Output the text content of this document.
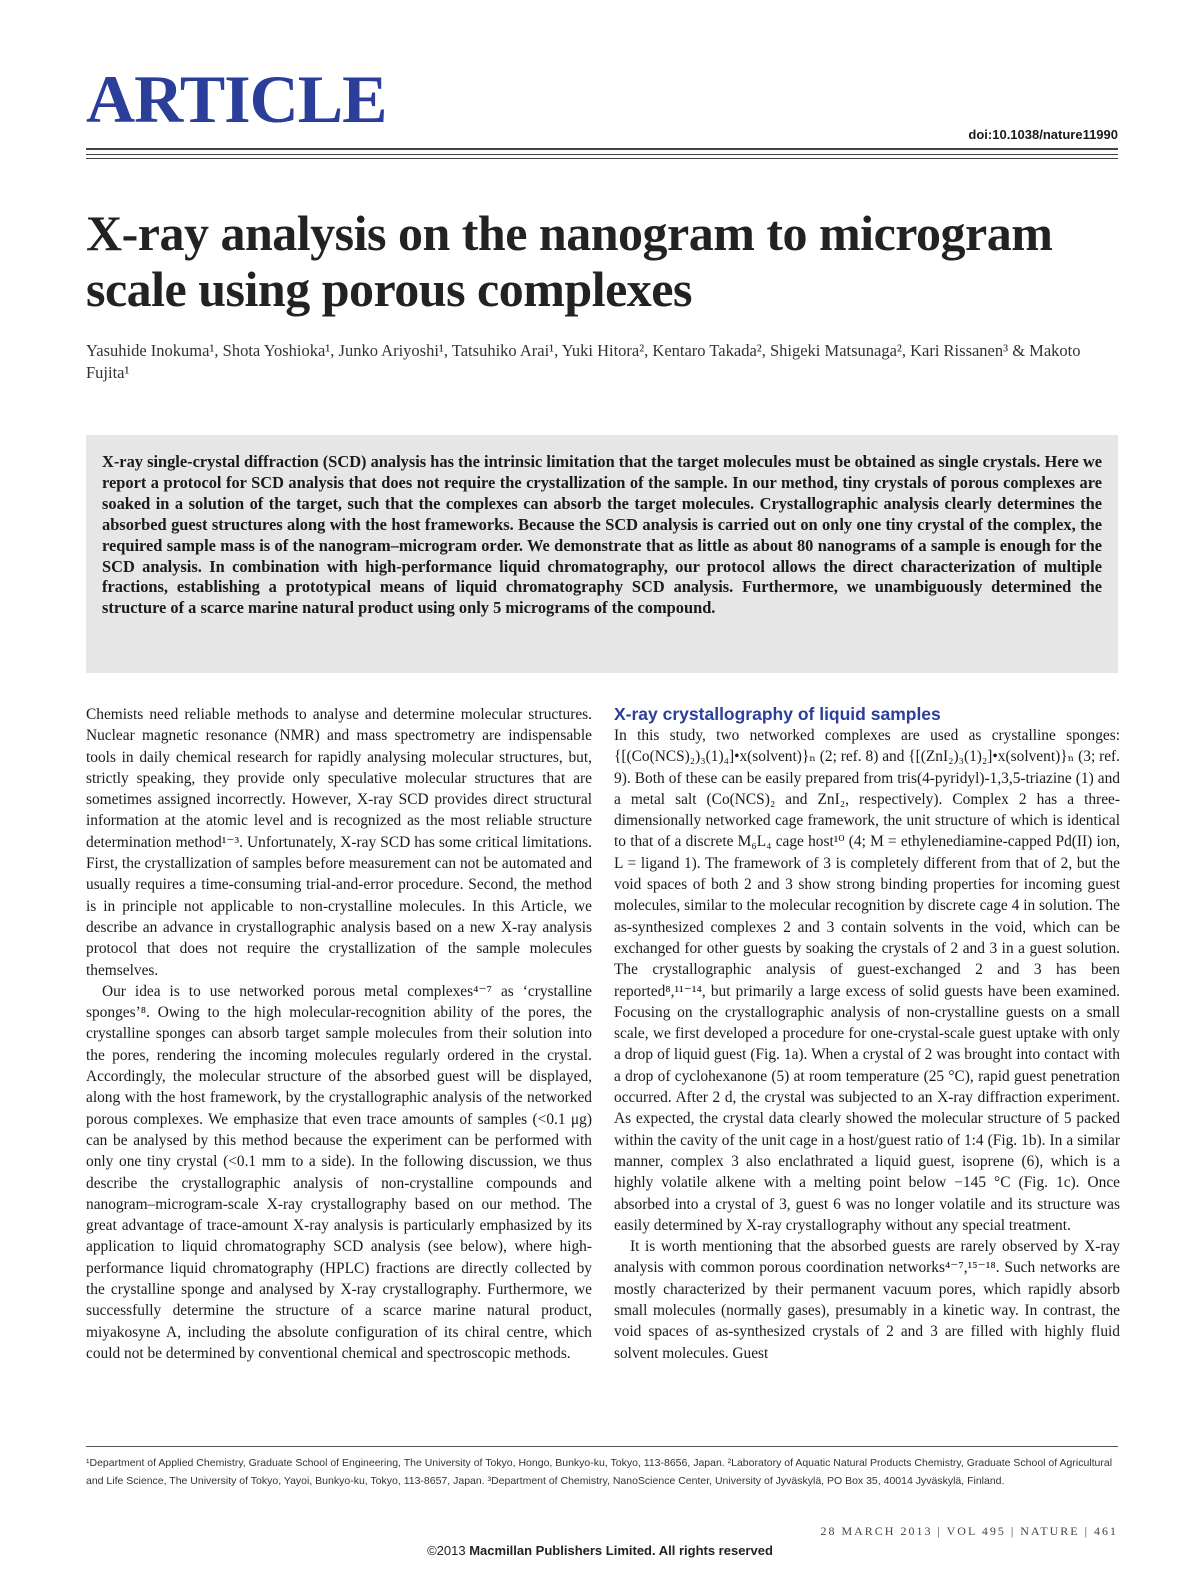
ARTICLE	doi:10.1038/nature11990
X-ray analysis on the nanogram to microgram scale using porous complexes

Yasuhide Inokuma¹, Shota Yoshioka¹, Junko Ariyoshi¹, Tatsuhiko Arai¹, Yuki Hitora², Kentaro Takada², Shigeki Matsunaga², Kari Rissanen³ & Makoto Fujita¹

X-ray single-crystal diffraction (SCD) analysis has the intrinsic limitation that the target molecules must be obtained as single crystals. Here we report a protocol for SCD analysis that does not require the crystallization of the sample. In our method, tiny crystals of porous complexes are soaked in a solution of the target, such that the complexes can absorb the target molecules. Crystallographic analysis clearly determines the absorbed guest structures along with the host frameworks. Because the SCD analysis is carried out on only one tiny crystal of the complex, the required sample mass is of the nanogram–microgram order. We demonstrate that as little as about 80 nanograms of a sample is enough for the SCD analysis. In combination with high-performance liquid chromatography, our protocol allows the direct characterization of multiple fractions, establishing a prototypical means of liquid chromatography SCD analysis. Furthermore, we unambiguously determined the structure of a scarce marine natural product using only 5 micrograms of the compound.

Chemists need reliable methods to analyse and determine molecular structures. Nuclear magnetic resonance (NMR) and mass spectrometry are indispensable tools in daily chemical research for rapidly analysing molecular structures, but, strictly speaking, they provide only speculative molecular structures that are sometimes assigned incorrectly. However, X-ray SCD provides direct structural information at the atomic level and is recognized as the most reliable structure determination method¹⁻³. Unfortunately, X-ray SCD has some critical limitations. First, the crystallization of samples before measurement can not be automated and usually requires a time-consuming trial-and-error procedure. Second, the method is in principle not applicable to non-crystalline molecules. In this Article, we describe an advance in crystallographic analysis based on a new X-ray analysis protocol that does not require the crystallization of the sample molecules themselves.

Our idea is to use networked porous metal complexes⁴⁻⁷ as ‘crystalline sponges’⁸. Owing to the high molecular-recognition ability of the pores, the crystalline sponges can absorb target sample molecules from their solution into the pores, rendering the incoming molecules regularly ordered in the crystal. Accordingly, the molecular structure of the absorbed guest will be displayed, along with the host framework, by the crystallographic analysis of the networked porous complexes. We emphasize that even trace amounts of samples (<0.1 μg) can be analysed by this method because the experiment can be performed with only one tiny crystal (<0.1 mm to a side). In the following discussion, we thus describe the crystallographic analysis of non-crystalline compounds and nanogram–microgram-scale X-ray crystallography based on our method. The great advantage of trace-amount X-ray analysis is particularly emphasized by its application to liquid chromatography SCD analysis (see below), where high-performance liquid chromatography (HPLC) fractions are directly collected by the crystalline sponge and analysed by X-ray crystallography. Furthermore, we successfully determine the structure of a scarce marine natural product, miyakosyne A, including the absolute configuration of its chiral centre, which could not be determined by conventional chemical and spectroscopic methods.

X-ray crystallography of liquid samples

In this study, two networked complexes are used as crystalline sponges: {[(Co(NCS)₂)₃(1)₄]•x(solvent)}ₙ (2; ref. 8) and {[(ZnI₂)₃(1)₂]•x(solvent)}ₙ (3; ref. 9). Both of these can be easily prepared from tris(4-pyridyl)-1,3,5-triazine (1) and a metal salt (Co(NCS)₂ and ZnI₂, respectively). Complex 2 has a three-dimensionally networked cage framework, the unit structure of which is identical to that of a discrete M₆L₄ cage host¹⁰ (4; M = ethylenediamine-capped Pd(II) ion, L = ligand 1). The framework of 3 is completely different from that of 2, but the void spaces of both 2 and 3 show strong binding properties for incoming guest molecules, similar to the molecular recognition by discrete cage 4 in solution. The as-synthesized complexes 2 and 3 contain solvents in the void, which can be exchanged for other guests by soaking the crystals of 2 and 3 in a guest solution. The crystallographic analysis of guest-exchanged 2 and 3 has been reported⁸,¹¹⁻¹⁴, but primarily a large excess of solid guests have been examined. Focusing on the crystallographic analysis of non-crystalline guests on a small scale, we first developed a procedure for one-crystal-scale guest uptake with only a drop of liquid guest (Fig. 1a). When a crystal of 2 was brought into contact with a drop of cyclohexanone (5) at room temperature (25 °C), rapid guest penetration occurred. After 2 d, the crystal was subjected to an X-ray diffraction experiment. As expected, the crystal data clearly showed the molecular structure of 5 packed within the cavity of the unit cage in a host/guest ratio of 1:4 (Fig. 1b). In a similar manner, complex 3 also enclathrated a liquid guest, isoprene (6), which is a highly volatile alkene with a melting point below −145 °C (Fig. 1c). Once absorbed into a crystal of 3, guest 6 was no longer volatile and its structure was easily determined by X-ray crystallography without any special treatment.

It is worth mentioning that the absorbed guests are rarely observed by X-ray analysis with common porous coordination networks⁴⁻⁷,¹⁵⁻¹⁸. Such networks are mostly characterized by their permanent vacuum pores, which rapidly absorb small molecules (normally gases), presumably in a kinetic way. In contrast, the void spaces of as-synthesized crystals of 2 and 3 are filled with highly fluid solvent molecules. Guest

¹Department of Applied Chemistry, Graduate School of Engineering, The University of Tokyo, Hongo, Bunkyo-ku, Tokyo, 113-8656, Japan. ²Laboratory of Aquatic Natural Products Chemistry, Graduate School of Agricultural and Life Science, The University of Tokyo, Yayoi, Bunkyo-ku, Tokyo, 113-8657, Japan. ³Department of Chemistry, NanoScience Center, University of Jyväskylä, PO Box 35, 40014 Jyväskylä, Finland.

28 MARCH 2013 | VOL 495 | NATURE | 461
©2013 Macmillan Publishers Limited. All rights reserved
